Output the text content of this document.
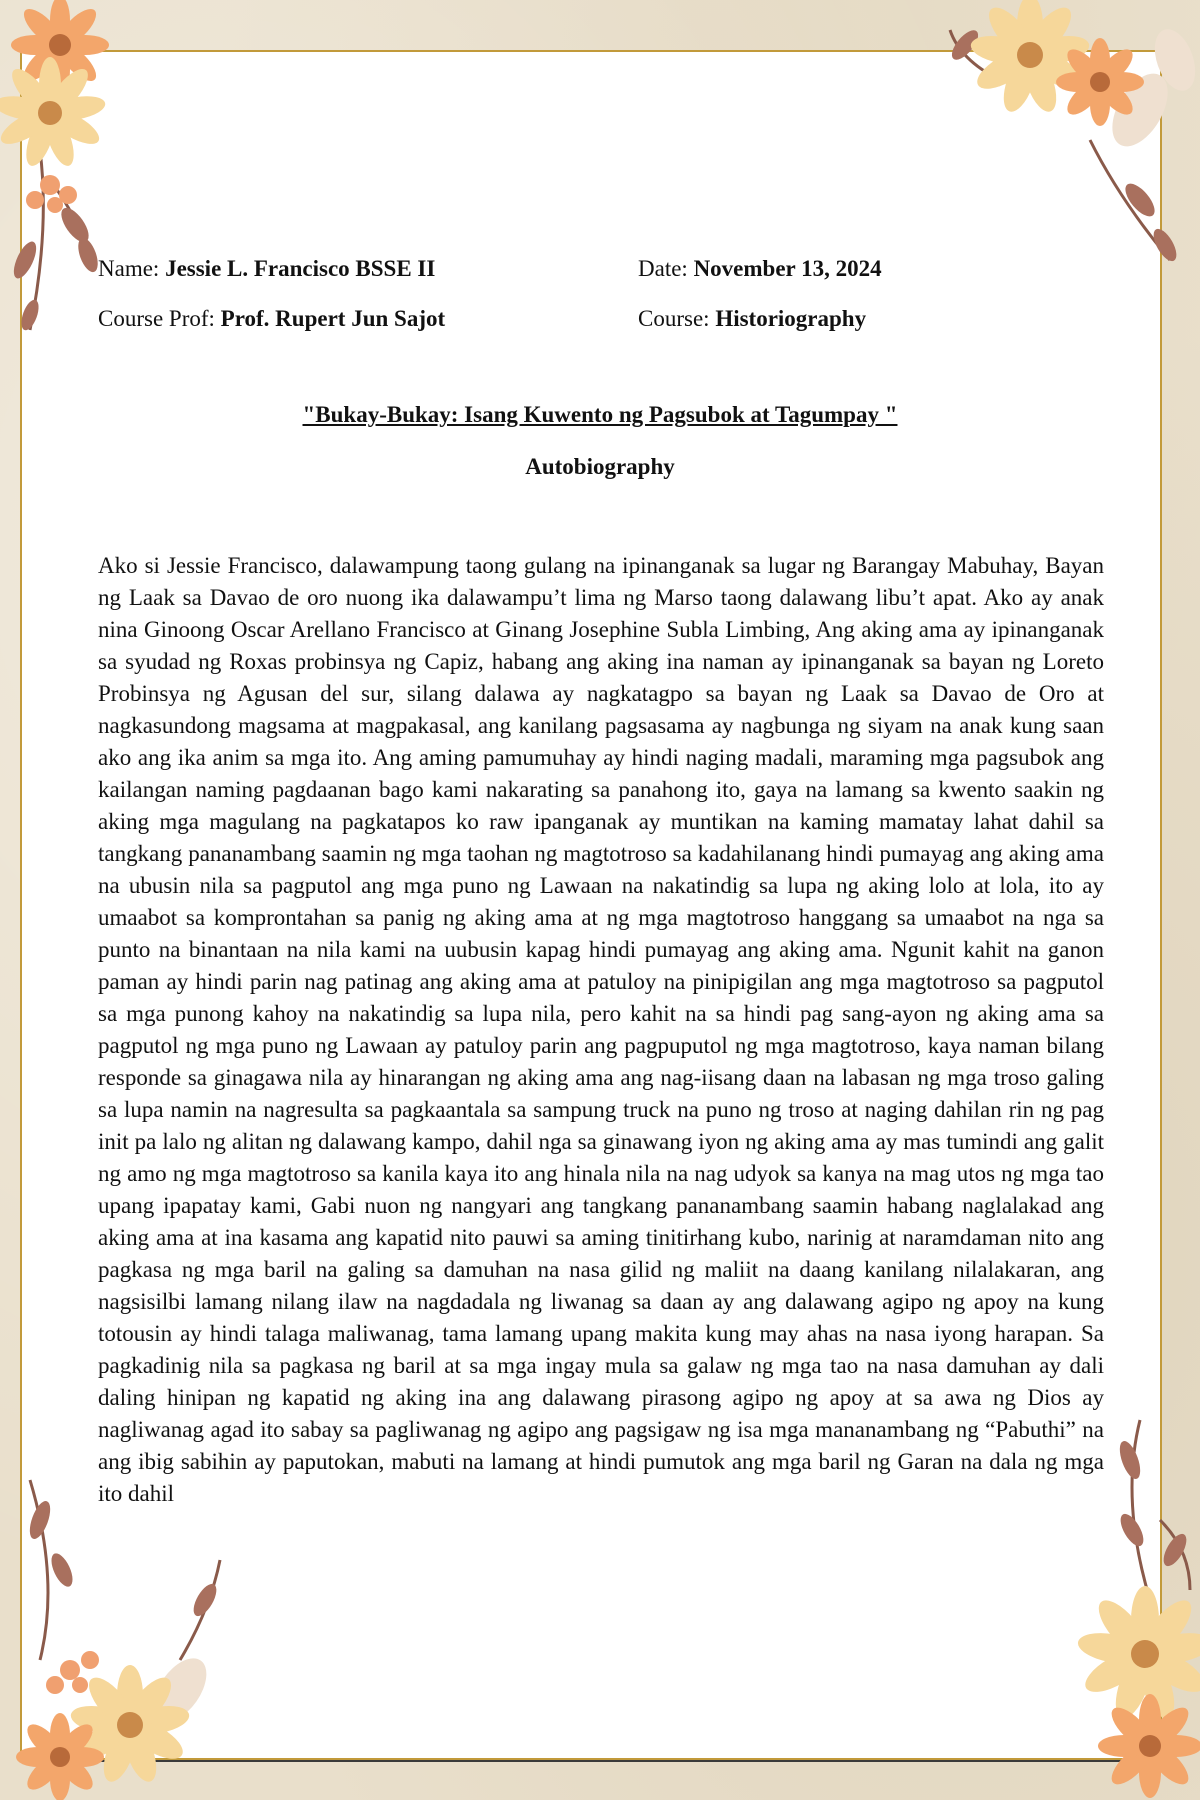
Name: Jessie L. Francisco BSSE II	Date: November 13, 2024
Course Prof: Prof. Rupert Jun Sajot	Course: Historiography
"Bukay-Bukay: Isang Kuwento ng Pagsubok at Tagumpay "
Autobiography

Ako si Jessie Francisco, dalawampung taong gulang na ipinanganak sa lugar ng Barangay Mabuhay, Bayan ng Laak sa Davao de oro nuong ika dalawampu’t lima ng Marso taong dalawang libu’t apat. Ako ay anak nina Ginoong Oscar Arellano Francisco at Ginang Josephine Subla Limbing, Ang aking ama ay ipinanganak sa syudad ng Roxas probinsya ng Capiz, habang ang aking ina naman ay ipinanganak sa bayan ng Loreto Probinsya ng Agusan del sur, silang dalawa ay nagkatagpo sa bayan ng Laak sa Davao de Oro at nagkasundong magsama at magpakasal, ang kanilang pagsasama ay nagbunga ng siyam na anak kung saan ako ang ika anim sa mga ito. Ang aming pamumuhay ay hindi naging madali, maraming mga pagsubok ang kailangan naming pagdaanan bago kami nakarating sa panahong ito, gaya na lamang sa kwento saakin ng aking mga magulang na pagkatapos ko raw ipanganak ay muntikan na kaming mamatay lahat dahil sa tangkang pananambang saamin ng mga taohan ng magtotroso sa kadahilanang hindi pumayag ang aking ama na ubusin nila sa pagputol ang mga puno ng Lawaan na nakatindig sa lupa ng aking lolo at lola, ito ay umaabot sa komprontahan sa panig ng aking ama at ng mga magtotroso hanggang sa umaabot na nga sa punto na binantaan na nila kami na uubusin kapag hindi pumayag ang aking ama. Ngunit kahit na ganon paman ay hindi parin nag patinag ang aking ama at patuloy na pinipigilan ang mga magtotroso sa pagputol sa mga punong kahoy na nakatindig sa lupa nila, pero kahit na sa hindi pag sang-ayon ng aking ama sa pagputol ng mga puno ng Lawaan ay patuloy parin ang pagpuputol ng mga magtotroso, kaya naman bilang responde sa ginagawa nila ay hinarangan ng aking ama ang nag-iisang daan na labasan ng mga troso galing sa lupa namin na nagresulta sa pagkaantala sa sampung truck na puno ng troso at naging dahilan rin ng pag init pa lalo ng alitan ng dalawang kampo, dahil nga sa ginawang iyon ng aking ama ay mas tumindi ang galit ng amo ng mga magtotroso sa kanila kaya ito ang hinala nila na nag udyok sa kanya na mag utos ng mga tao upang ipapatay kami, Gabi nuon ng nangyari ang tangkang pananambang saamin habang naglalakad ang aking ama at ina kasama ang kapatid nito pauwi sa aming tinitirhang kubo, narinig at naramdaman nito ang pagkasa ng mga baril na galing sa damuhan na nasa gilid ng maliit na daang kanilang nilalakaran, ang nagsisilbi lamang nilang ilaw na nagdadala ng liwanag sa daan ay ang dalawang agipo ng apoy na kung totousin ay hindi talaga maliwanag, tama lamang upang makita kung may ahas na nasa iyong harapan. Sa pagkadinig nila sa pagkasa ng baril at sa mga ingay mula sa galaw ng mga tao na nasa damuhan ay dali daling hinipan ng kapatid ng aking ina ang dalawang pirasong agipo ng apoy at sa awa ng Dios ay nagliwanag agad ito sabay sa pagliwanag ng agipo ang pagsigaw ng isa mga mananambang ng “Pabuthi” na ang ibig sabihin ay paputokan, mabuti na lamang at hindi pumutok ang mga baril ng Garan na dala ng mga ito dahil
